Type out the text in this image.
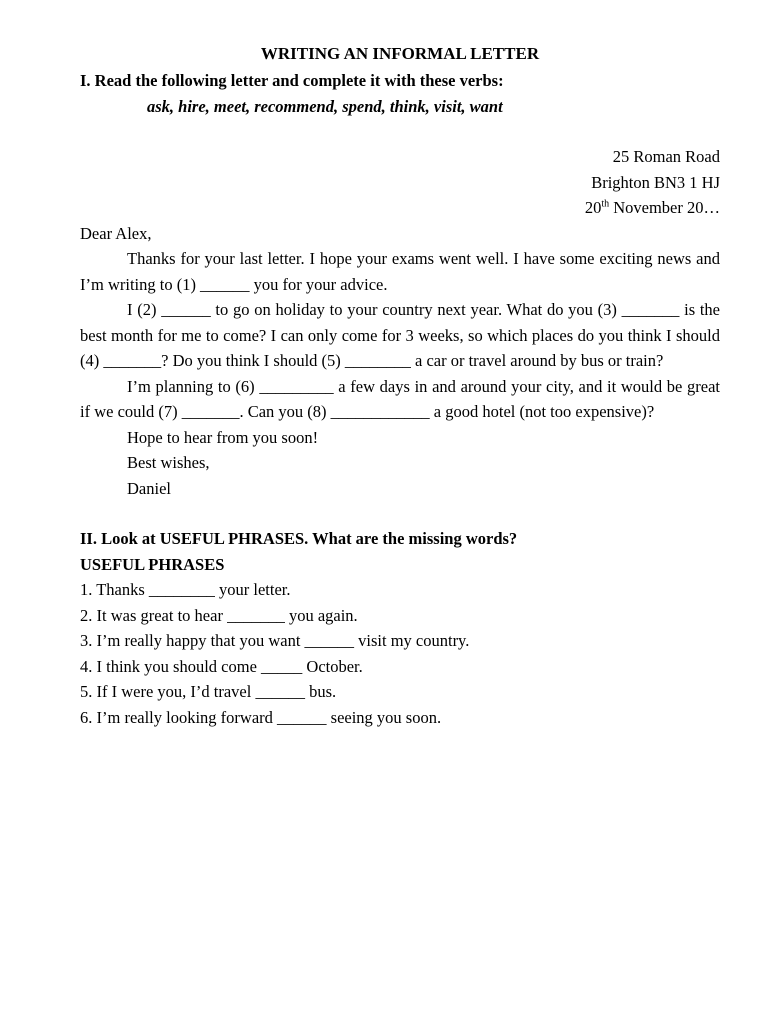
WRITING AN INFORMAL LETTER
I. Read the following letter and complete it with these verbs:
ask, hire, meet, recommend, spend, think, visit, want
25 Roman Road
Brighton BN3 1 HJ
20th November 20…
Dear Alex,

Thanks for your last letter. I hope your exams went well. I have some exciting news and I’m writing to (1) ______ you for your advice.

I (2) ______ to go on holiday to your country next year. What do you (3) _______ is the best month for me to come? I can only come for 3 weeks, so which places do you think I should (4) _______? Do you think I should (5) ________ a car or travel around by bus or train?

I’m planning to (6) _________ a few days in and around your city, and it would be great if we could (7) _______. Can you (8) ____________ a good hotel (not too expensive)?

Hope to hear from you soon!
Best wishes,
Daniel
II. Look at USEFUL PHRASES. What are the missing words?
USEFUL PHRASES
1. Thanks ________ your letter.
2. It was great to hear _______ you again.
3. I’m really happy that you want ______ visit my country.
4. I think you should come _____ October.
5. If I were you, I’d travel ______ bus.
6. I’m really looking forward ______ seeing you soon.
